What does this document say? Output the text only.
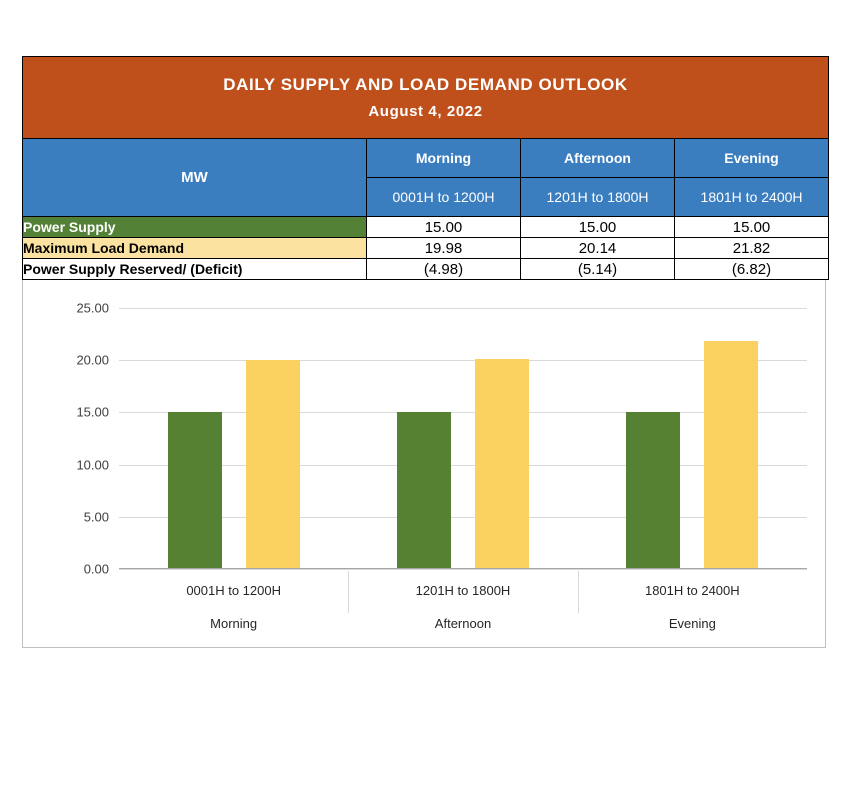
DAILY SUPPLY AND LOAD DEMAND OUTLOOK
August 4, 2022			

MW	Morning	Afternoon	Evening
	0001H to 1200H	1201H to 1800H	1801H to 2400H
Power Supply	15.00	15.00	15.00
Maximum Load Demand	19.98	20.14	21.82
Power Supply Reserved/ (Deficit)	(4.98)	(5.14)	(6.82)
0.00
5.00
10.00
15.00
20.00
25.00
0001H to 1200H
Morning
1201H to 1800H
Afternoon
1801H to 2400H
Evening
